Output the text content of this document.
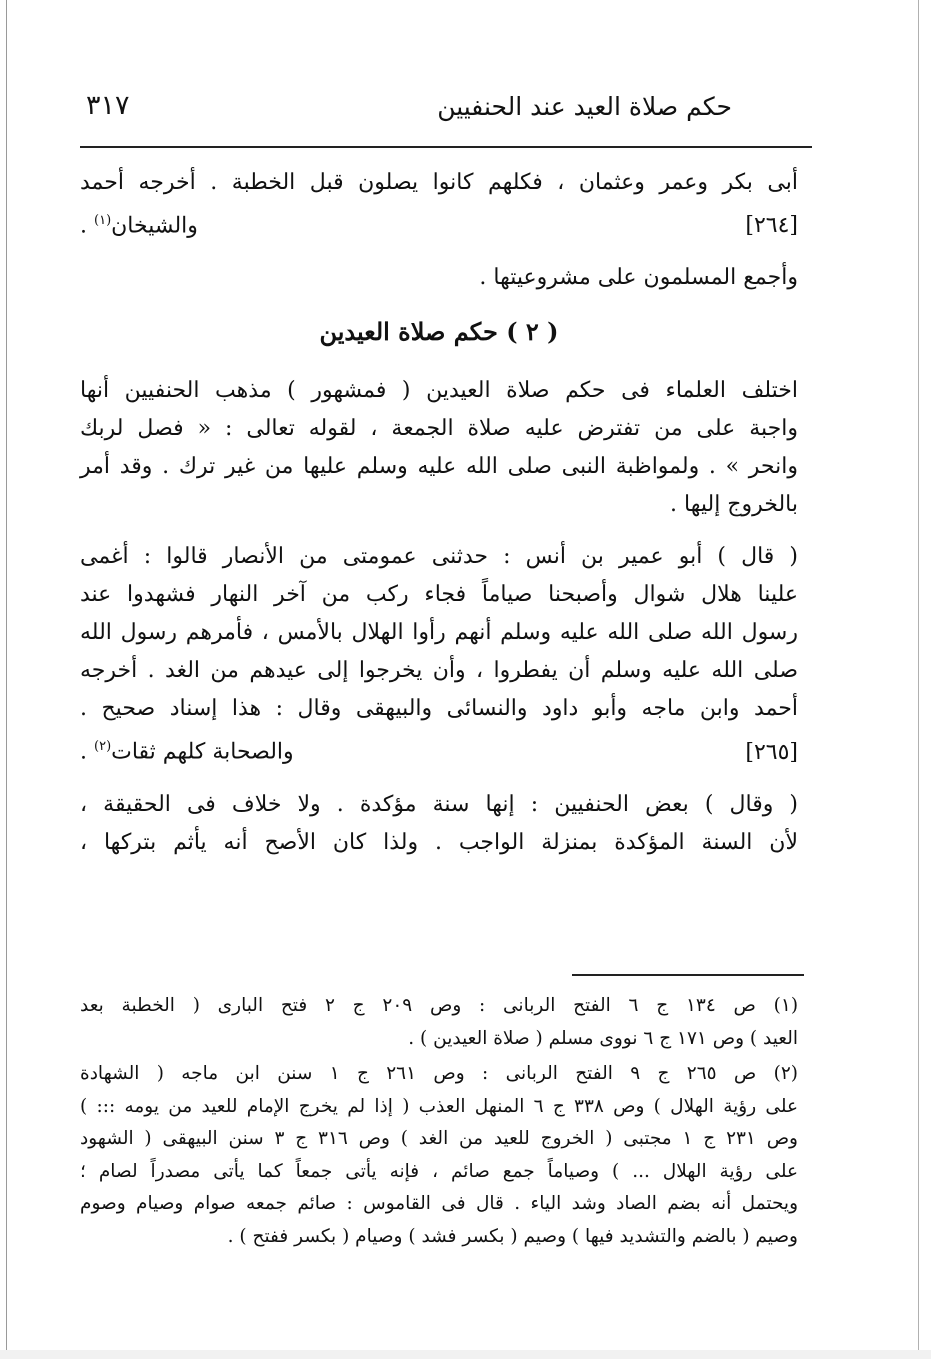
٣١٧	حكم صلاة العيد عند الحنفيين
أبى بكر وعمر وعثمان ، فكلهم كانوا يصلون قبل الخطبة . أخرجه أحمد
والشيخان$^{(١)}$ .	[٢٦٤]
وأجمع المسلمون على مشروعيتها .
( ٢ ) حكم صلاة العيدين
اختلف العلماء فى حكم صلاة العيدين ( فمشهور ) مذهب الحنفيين أنها
واجبة على من تفترض عليه صلاة الجمعة ، لقوله تعالى : « فصل لربك
وانحر » . ولمواظبة النبى صلى الله عليه وسلم عليها من غير ترك . وقد أمر
بالخروج إليها .
( قال ) أبو عمير بن أنس : حدثنى عمومتى من الأنصار قالوا : أغمى
علينا هلال شوال وأصبحنا صياماً فجاء ركب من آخر النهار فشهدوا عند
رسول الله صلى الله عليه وسلم أنهم رأوا الهلال بالأمس ، فأمرهم رسول الله
صلى الله عليه وسلم أن يفطروا ، وأن يخرجوا إلى عيدهم من الغد . أخرجه
أحمد وابن ماجه وأبو داود والنسائى والبيهقى وقال : هذا إسناد صحيح .
والصحابة كلهم ثقات$^{(٢)}$ .	[٢٦٥]
( وقال ) بعض الحنفيين : إنها سنة مؤكدة . ولا خلاف فى الحقيقة ،
لأن السنة المؤكدة بمنزلة الواجب . ولذا كان الأصح أنه يأثم بتركها ،
(١) ص ١٣٤ ج ٦ الفتح الربانى : وص ٢٠٩ ج ٢ فتح البارى ( الخطبة بعد
العيد ) وص ١٧١ ج ٦ نووى مسلم ( صلاة العيدين ) .
(٢) ص ٢٦٥ ج ٩ الفتح الربانى : وص ٢٦١ ج ١ سنن ابن ماجه ( الشهادة
على رؤية الهلال ) وص ٣٣٨ ج ٦ المنهل العذب ( إذا لم يخرج الإمام للعيد من يومه ::: )
وص ٢٣١ ج ١ مجتبى ( الخروج للعيد من الغد ) وص ٣١٦ ج ٣ سنن البيهقى ( الشهود
على رؤية الهلال ... ) وصياماً جمع صائم ، فإنه يأتى جمعاً كما يأتى مصدراً لصام ؛
ويحتمل أنه بضم الصاد وشد الياء . قال فى القاموس : صائم جمعه صوام وصيام وصوم
وصيم ( بالضم والتشديد فيها ) وصيم ( بكسر فشد ) وصيام ( بكسر ففتح ) .
